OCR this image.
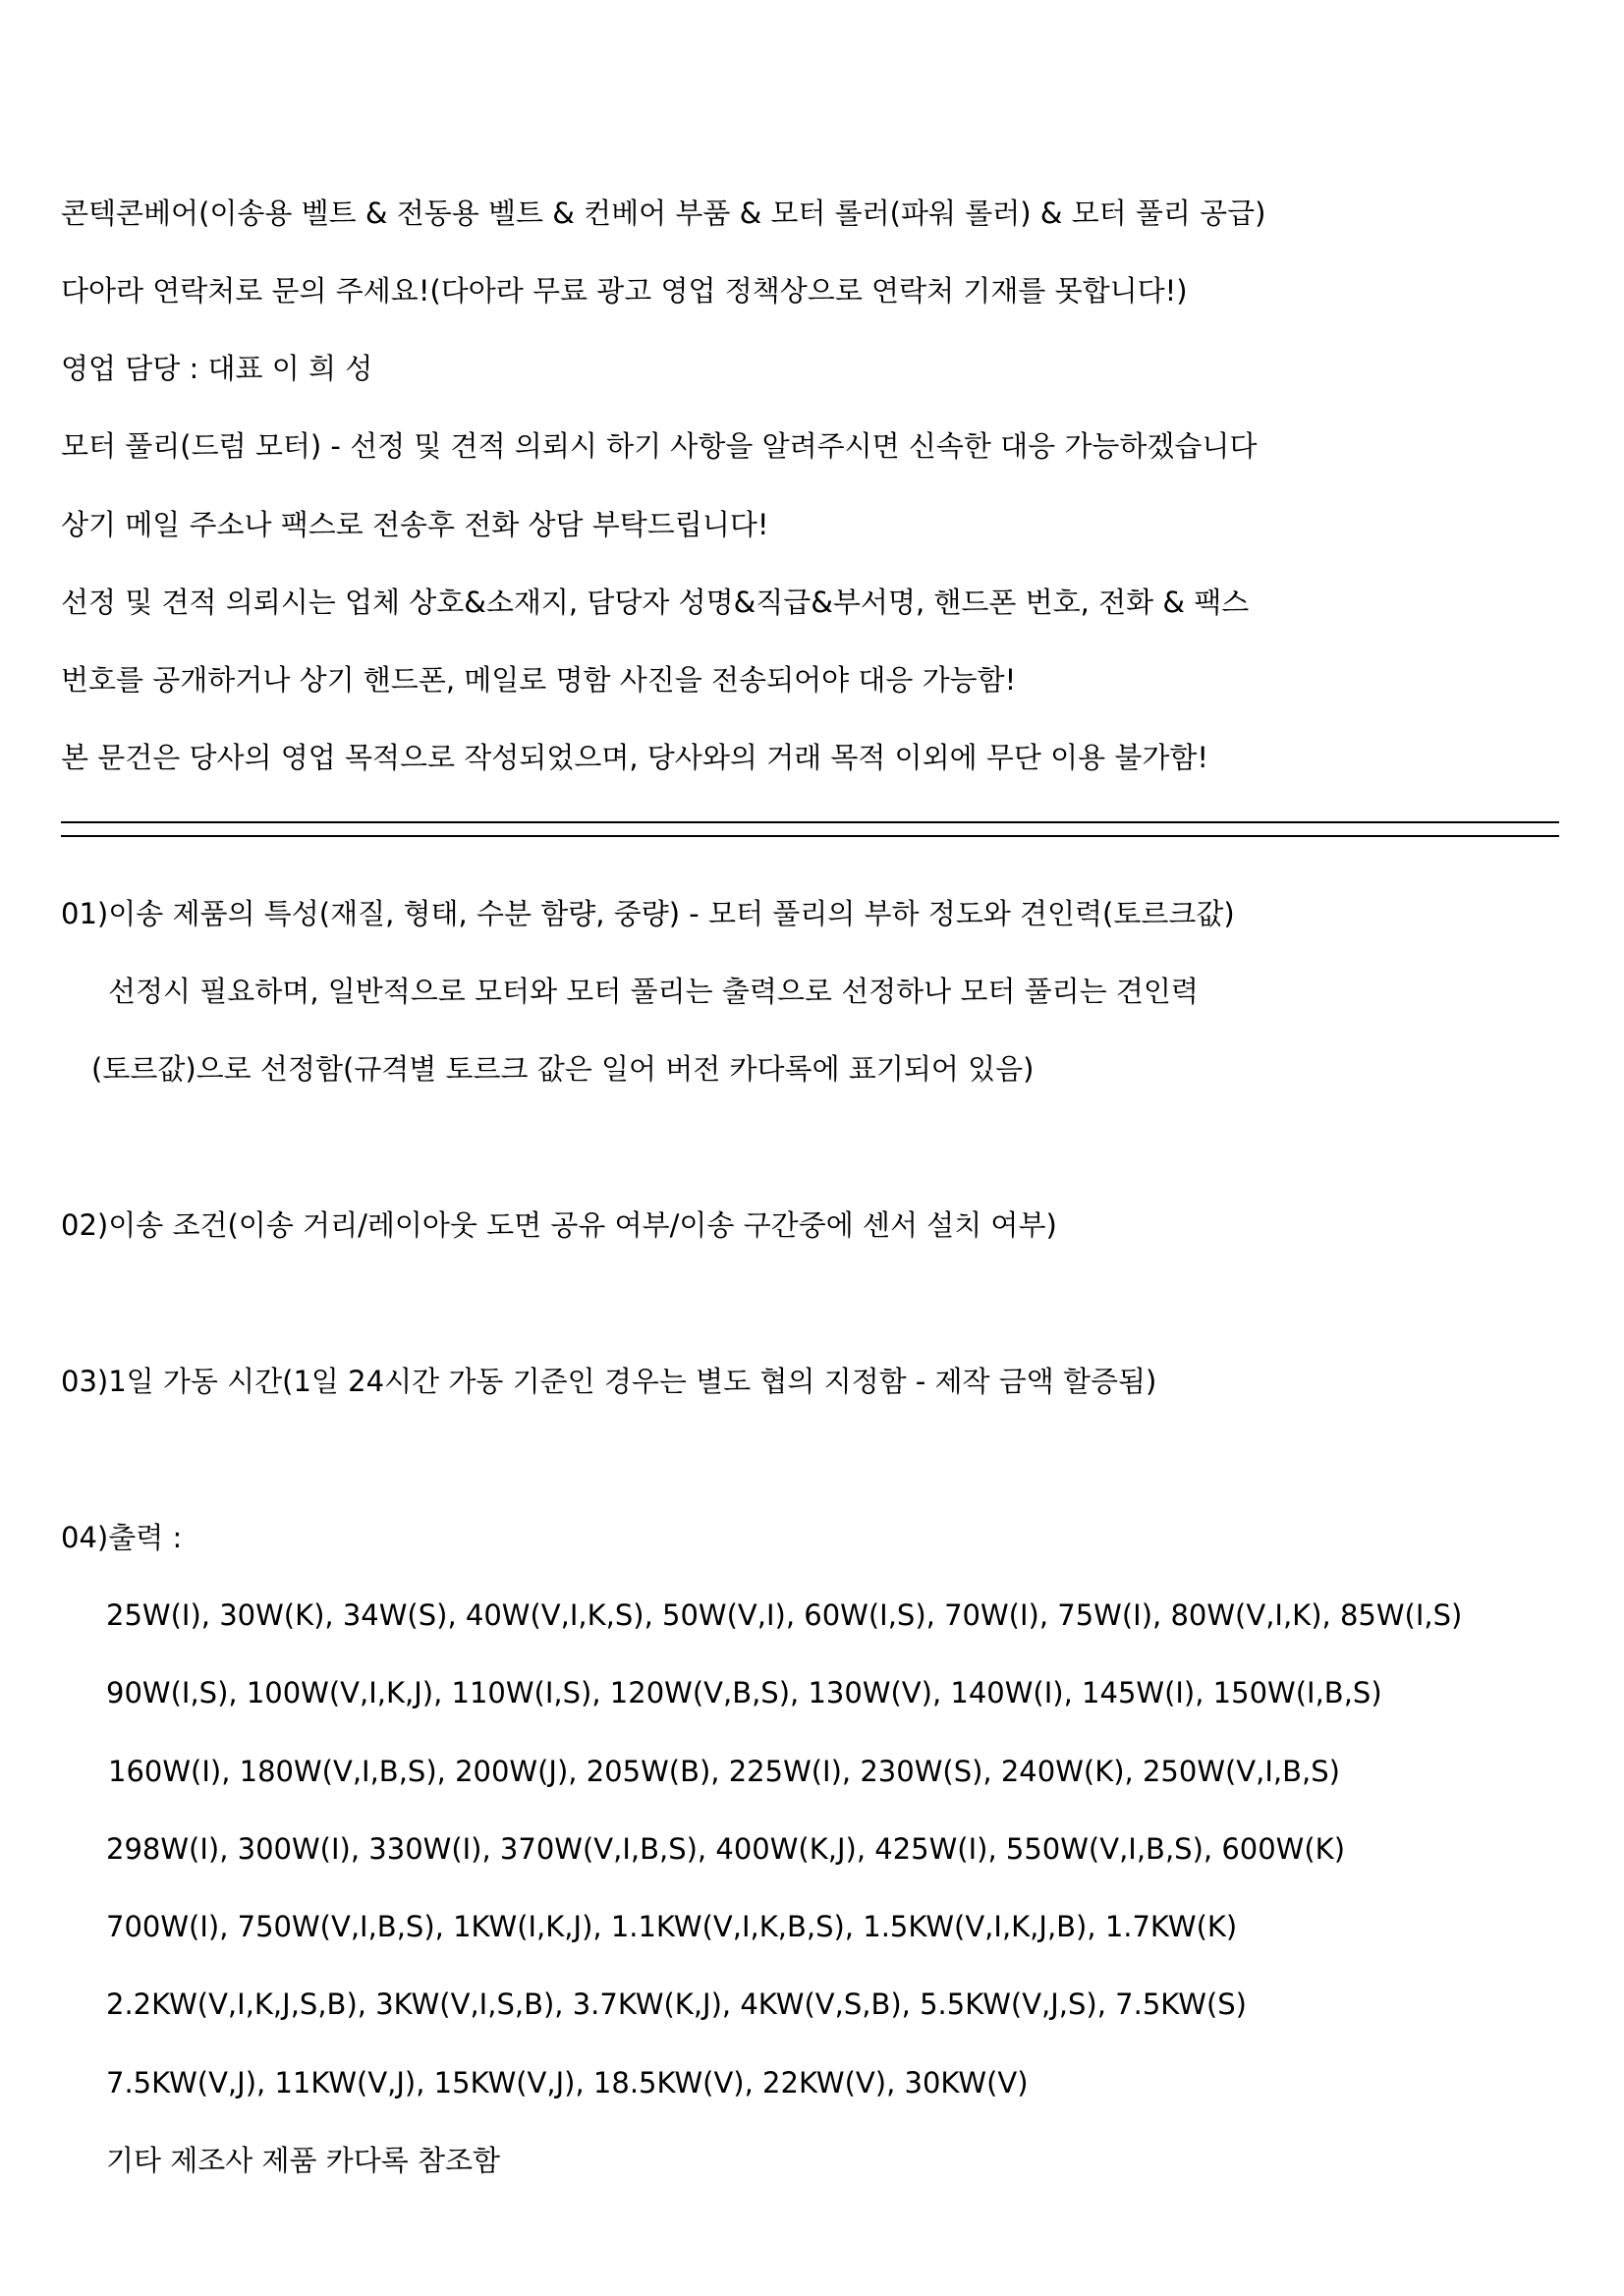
콘텍콘베어(이송용 벨트 & 전동용 벨트 & 컨베어 부품 & 모터 롤러(파워 롤러) & 모터 풀리 공급)
다아라 연락처로 문의 주세요!(다아라 무료 광고 영업 정책상으로 연락처 기재를 못합니다!)
영업 담당 : 대표 이 희 성
모터 풀리(드럼 모터) - 선정 및 견적 의뢰시 하기 사항을 알려주시면 신속한 대응 가능하겠습니다
상기 메일 주소나 팩스로 전송후 전화 상담 부탁드립니다!
선정 및 견적 의뢰시는 업체 상호&소재지, 담당자 성명&직급&부서명, 핸드폰 번호, 전화 & 팩스
번호를 공개하거나 상기 핸드폰, 메일로 명함 사진을 전송되어야 대응 가능함!
본 문건은 당사의 영업 목적으로 작성되었으며, 당사와의 거래 목적 이외에 무단 이용 불가함!
01)이송 제품의 특성(재질, 형태, 수분 함량, 중량) - 모터 풀리의 부하 정도와 견인력(토르크값)
선정시 필요하며, 일반적으로 모터와 모터 풀리는 출력으로 선정하나 모터 풀리는 견인력
(토르값)으로 선정함(규격별 토르크 값은 일어 버전 카다록에 표기되어 있음)
02)이송 조건(이송 거리/레이아웃 도면 공유 여부/이송 구간중에 센서 설치 여부)
03)1일 가동 시간(1일 24시간 가동 기준인 경우는 별도 협의 지정함 - 제작 금액 할증됨)
04)출력 :
25W(I), 30W(K), 34W(S), 40W(V,I,K,S), 50W(V,I), 60W(I,S), 70W(I), 75W(I), 80W(V,I,K), 85W(I,S)
90W(I,S), 100W(V,I,K,J), 110W(I,S), 120W(V,B,S), 130W(V), 140W(I), 145W(I), 150W(I,B,S)
160W(I), 180W(V,I,B,S), 200W(J), 205W(B), 225W(I), 230W(S), 240W(K), 250W(V,I,B,S)
298W(I), 300W(I), 330W(I), 370W(V,I,B,S), 400W(K,J), 425W(I), 550W(V,I,B,S), 600W(K)
700W(I), 750W(V,I,B,S), 1KW(I,K,J), 1.1KW(V,I,K,B,S), 1.5KW(V,I,K,J,B), 1.7KW(K)
2.2KW(V,I,K,J,S,B), 3KW(V,I,S,B), 3.7KW(K,J), 4KW(V,S,B), 5.5KW(V,J,S), 7.5KW(S)
7.5KW(V,J), 11KW(V,J), 15KW(V,J), 18.5KW(V), 22KW(V), 30KW(V)
기타 제조사 제품 카다록 참조함
